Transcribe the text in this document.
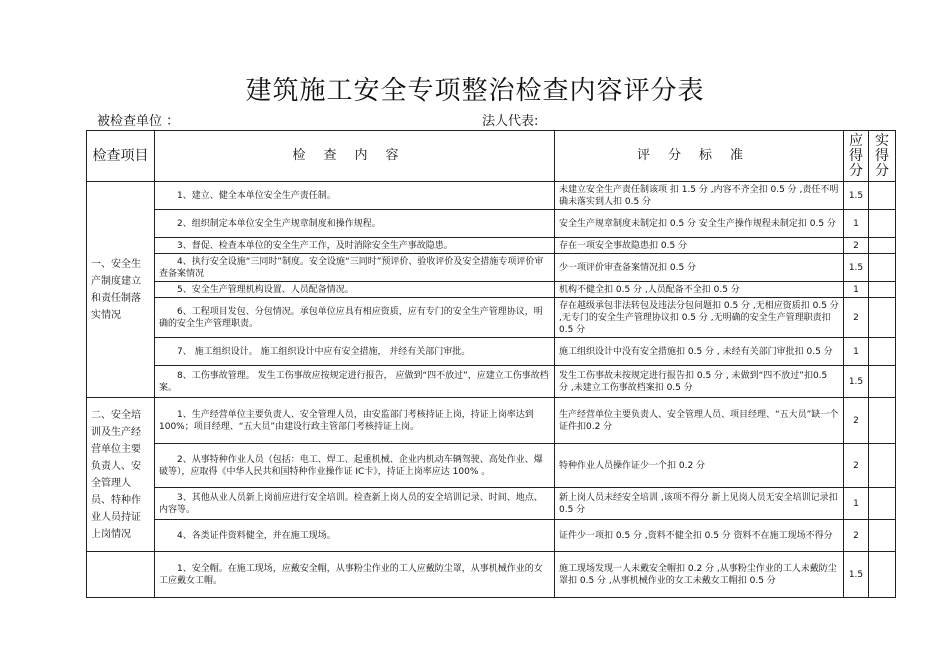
建筑施工安全专项整治检查内容评分表
被检查单位 ：	法人代表:
检查项目	检查内容	评分标准	应得分	实得分
一、安全生产制度建立和责任制落实情况	1、建立、健全本单位安全生产责任制。	未建立安全生产责任制该项 扣 1.5 分 ,内容不齐全扣 0.5 分 ,责任不明确未落实到人扣 0.5 分	1.5	
	2、组织制定本单位安全生产规章制度和操作规程。	安全生产规章制度未制定扣 0.5 分 安全生产操作规程未制定扣 0.5 分	1	
	3、督促、检查本单位的安全生产工作，及时消除安全生产事故隐患。	存在一项安全事故隐患扣 0.5 分	2	
	4、执行安全设施“三同时”制度。安全设施“三同时”预评价、验收评价及安全措施专项评价审查备案情况	少一项评价审查备案情况扣 0.5 分	1.5	
	5、安全生产管理机构设置、人员配备情况。	机构不健全扣 0.5 分 ,人员配备不全扣 0.5 分	1	
	6、工程项目发包、分包情况。承包单位应具有相应资质，应有专门的安全生产管理协议，明确的安全生产管理职责。	存在越级承包非法转包及违法分包问题扣 0.5 分 ,无相应资质扣 0.5 分 ,无专门的安全生产管理协议扣 0.5 分 ,无明确的安全生产管理职责扣 0.5 分	2	
	7、 施工组织设计。 施工组织设计中应有安全措施， 并经有关部门审批。	施工组织设计中没有安全措施扣 0.5 分 , 未经有关部门审批扣 0.5 分	1	
	8、工伤事故管理。 发生工伤事故应按规定进行报告， 应做到“四不放过”，应建立工伤事故档案。	发生工伤事故未按规定进行报告扣 0.5 分 , 未做到“四不放过”扣0.5 分 ,未建立工伤事故档案扣 0.5 分	1.5	
二、安全培训及生产经营单位主要负责人、安全管理人员、特种作业人员持证上岗情况	1、生产经营单位主要负责人、安全管理人员，由安监部门考核持证上岗，持证上岗率达到 100%；项目经理、“五大员”由建设行政主管部门考核持证上岗。	生产经营单位主要负责人、安全管理人员、项目经理、“五大员”缺一个证件扣0.2 分	2	
	2、从事特种作业人员（包括：电工、焊工、起重机械、企业内机动车辆驾驶、高处作业、爆破等），应取得《中华人民共和国特种作业操作证 IC卡》，持证上岗率应达 100% 。	特种作业人员操作证少一个扣 0.2 分	2	
	3、其他从业人员新上岗前应进行安全培训。检查新上岗人员的安全培训记录、时间、地点、内容等。	新上岗人员未经安全培训 ,该项不得分 新上见岗人员无安全培训记录扣 0.5 分	1	
	4、各类证件资料健全，并在施工现场。	证件少一项扣 0.5 分 ,资料不健全扣 0.5 分 资料不在施工现场不得分	2	
	1、安全帽。在施工现场，应戴安全帽，从事粉尘作业的工人应戴防尘罩，从事机械作业的女工应戴女工帽。	施工现场发现一人未戴安全帽扣 0.2 分 ,从事粉尘作业的工人未戴防尘罩扣 0.5 分 ,从事机械作业的女工未戴女工帽扣 0.5 分	1.5	
